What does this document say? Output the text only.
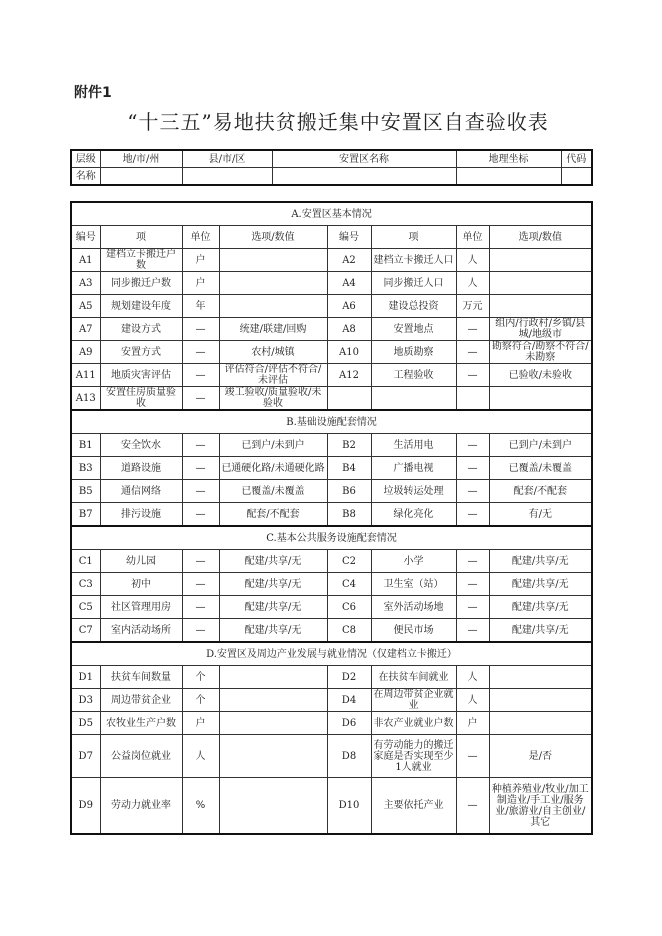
附件1
“十三五”易地扶贫搬迁集中安置区自查验收表
层级	地/市/州	县/市/区	安置区名称	地理坐标	代码
名称					
A.安置区基本情况							
编号	项	单位	选项/数值	编号	项	单位	选项/数值
A1	建档立卡搬迁户数	户		A2	建档立卡搬迁人口	人	
A3	同步搬迁户数	户		A4	同步搬迁人口	人	
A5	规划建设年度	年		A6	建设总投资	万元	
A7	建设方式	—	统建/联建/回购	A8	安置地点	—	组内/行政村/乡镇/县城/地级市
A9	安置方式	—	农村/城镇	A10	地质勘察	—	勘察符合/勘察不符合/未勘察
A11	地质灾害评估	—	评估符合/评估不符合/未评估	A12	工程验收	—	已验收/未验收
A13	安置住房质量验收	—	竣工验收/质量验收/未验收				
B.基础设施配套情况							
B1	安全饮水	—	已到户/未到户	B2	生活用电	—	已到户/未到户
B3	道路设施	—	已通硬化路/未通硬化路	B4	广播电视	—	已覆盖/未覆盖
B5	通信网络	—	已覆盖/未覆盖	B6	垃圾转运处理	—	配套/不配套
B7	排污设施	—	配套/不配套	B8	绿化亮化	—	有/无
C.基本公共服务设施配套情况							
C1	幼儿园	—	配建/共享/无	C2	小学	—	配建/共享/无
C3	初中	—	配建/共享/无	C4	卫生室（站）	—	配建/共享/无
C5	社区管理用房	—	配建/共享/无	C6	室外活动场地	—	配建/共享/无
C7	室内活动场所	—	配建/共享/无	C8	便民市场	—	配建/共享/无
D.安置区及周边产业发展与就业情况（仅建档立卡搬迁）							
D1	扶贫车间数量	个		D2	在扶贫车间就业	人	
D3	周边带贫企业	个		D4	在周边带贫企业就业	人	
D5	农牧业生产户数	户		D6	非农产业就业户数	户	
D7	公益岗位就业	人		D8	有劳动能力的搬迁家庭是否实现至少1人就业	—	是/否
D9	劳动力就业率	%		D10	主要依托产业	—	种植养殖业/牧业/加工制造业/手工业/服务业/旅游业/自主创业/其它
